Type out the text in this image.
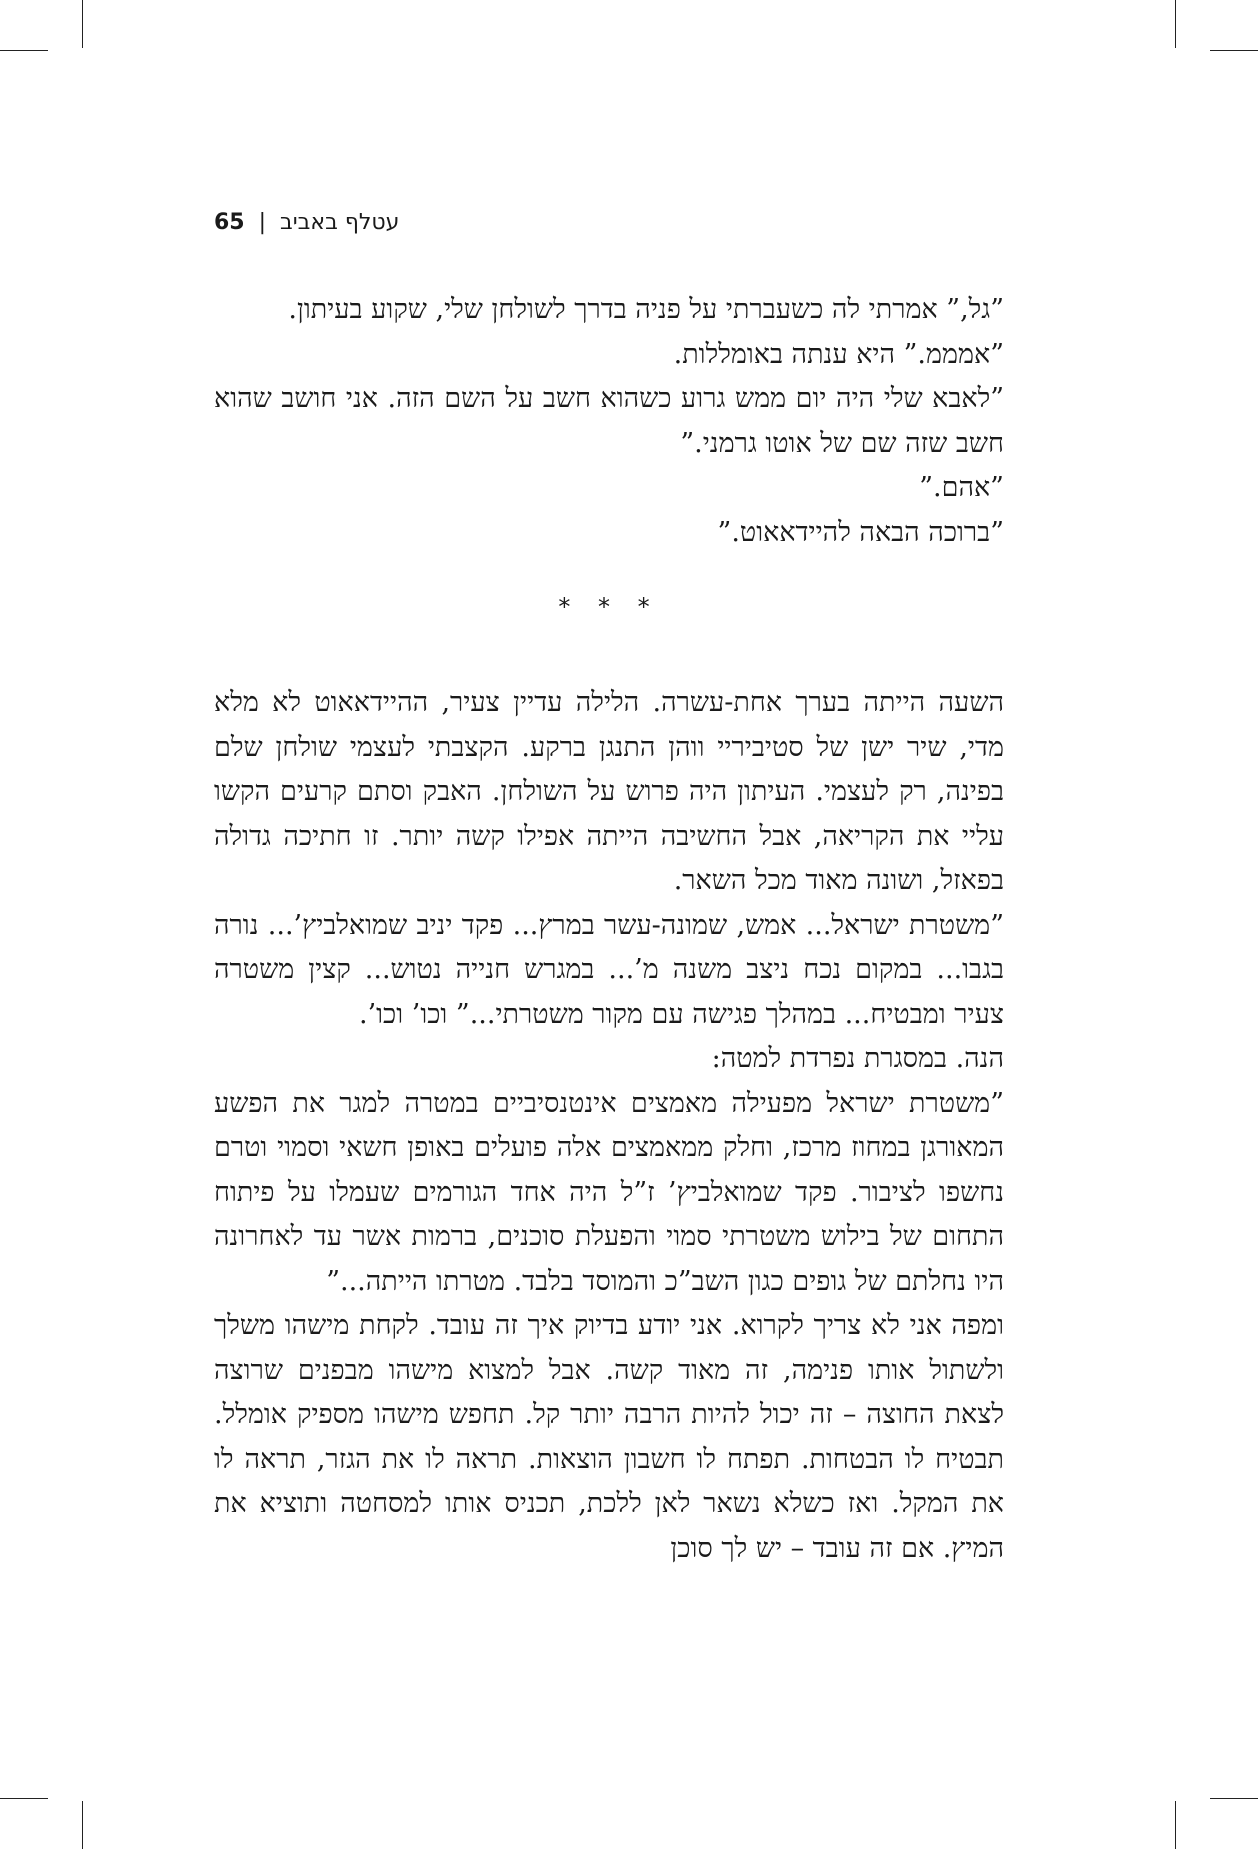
65 | עטלף באביב

”גל,” אמרתי לה כשעברתי על פניה בדרך לשולחן שלי, שקוע בעיתון.

”אמממ.” היא ענתה באומללות.

”לאבא שלי היה יום ממש גרוע כשהוא חשב על השם הזה. אני חושב שהוא חשב שזה שם של אוטו גרמני.”

”אהם.”

”ברוכה הבאה להיידאאוט.”

* * *

השעה הייתה בערך אחת-עשרה. הלילה עדיין צעיר, ההיידאאוט לא מלא מדי, שיר ישן של סטיביריי ווהן התנגן ברקע. הקצבתי לעצמי שולחן שלם בפינה, רק לעצמי. העיתון היה פרוש על השולחן. האבק וסתם קרעים הקשו עליי את הקריאה, אבל החשיבה הייתה אפילו קשה יותר. זו חתיכה גדולה בפאזל, ושונה מאוד מכל השאר.

”משטרת ישראל... אמש, שמונה-עשר במרץ... פקד יניב שמואלביץ’... נורה בגבו... במקום נכח ניצב משנה מ’... במגרש חנייה נטוש... קצין משטרה צעיר ומבטיח... במהלך פגישה עם מקור משטרתי...” וכו’ וכו’.

הנה. במסגרת נפרדת למטה:

”משטרת ישראל מפעילה מאמצים אינטנסיביים במטרה למגר את הפשע המאורגן במחוז מרכז, וחלק ממאמצים אלה פועלים באופן חשאי וסמוי וטרם נחשפו לציבור. פקד שמואלביץ’ ז”ל היה אחד הגורמים שעמלו על פיתוח התחום של בילוש משטרתי סמוי והפעלת סוכנים, ברמות אשר עד לאחרונה היו נחלתם של גופים כגון השב”כ והמוסד בלבד. מטרתו הייתה...”

ומפה אני לא צריך לקרוא. אני יודע בדיוק איך זה עובד. לקחת מישהו משלך ולשתול אותו פנימה, זה מאוד קשה. אבל למצוא מישהו מבפנים שרוצה לצאת החוצה – זה יכול להיות הרבה יותר קל. תחפש מישהו מספיק אומלל. תבטיח לו הבטחות. תפתח לו חשבון הוצאות. תראה לו את הגזר, תראה לו את המקל. ואז כשלא נשאר לאן ללכת, תכניס אותו למסחטה ותוציא את המיץ. אם זה עובד – יש לך סוכן
